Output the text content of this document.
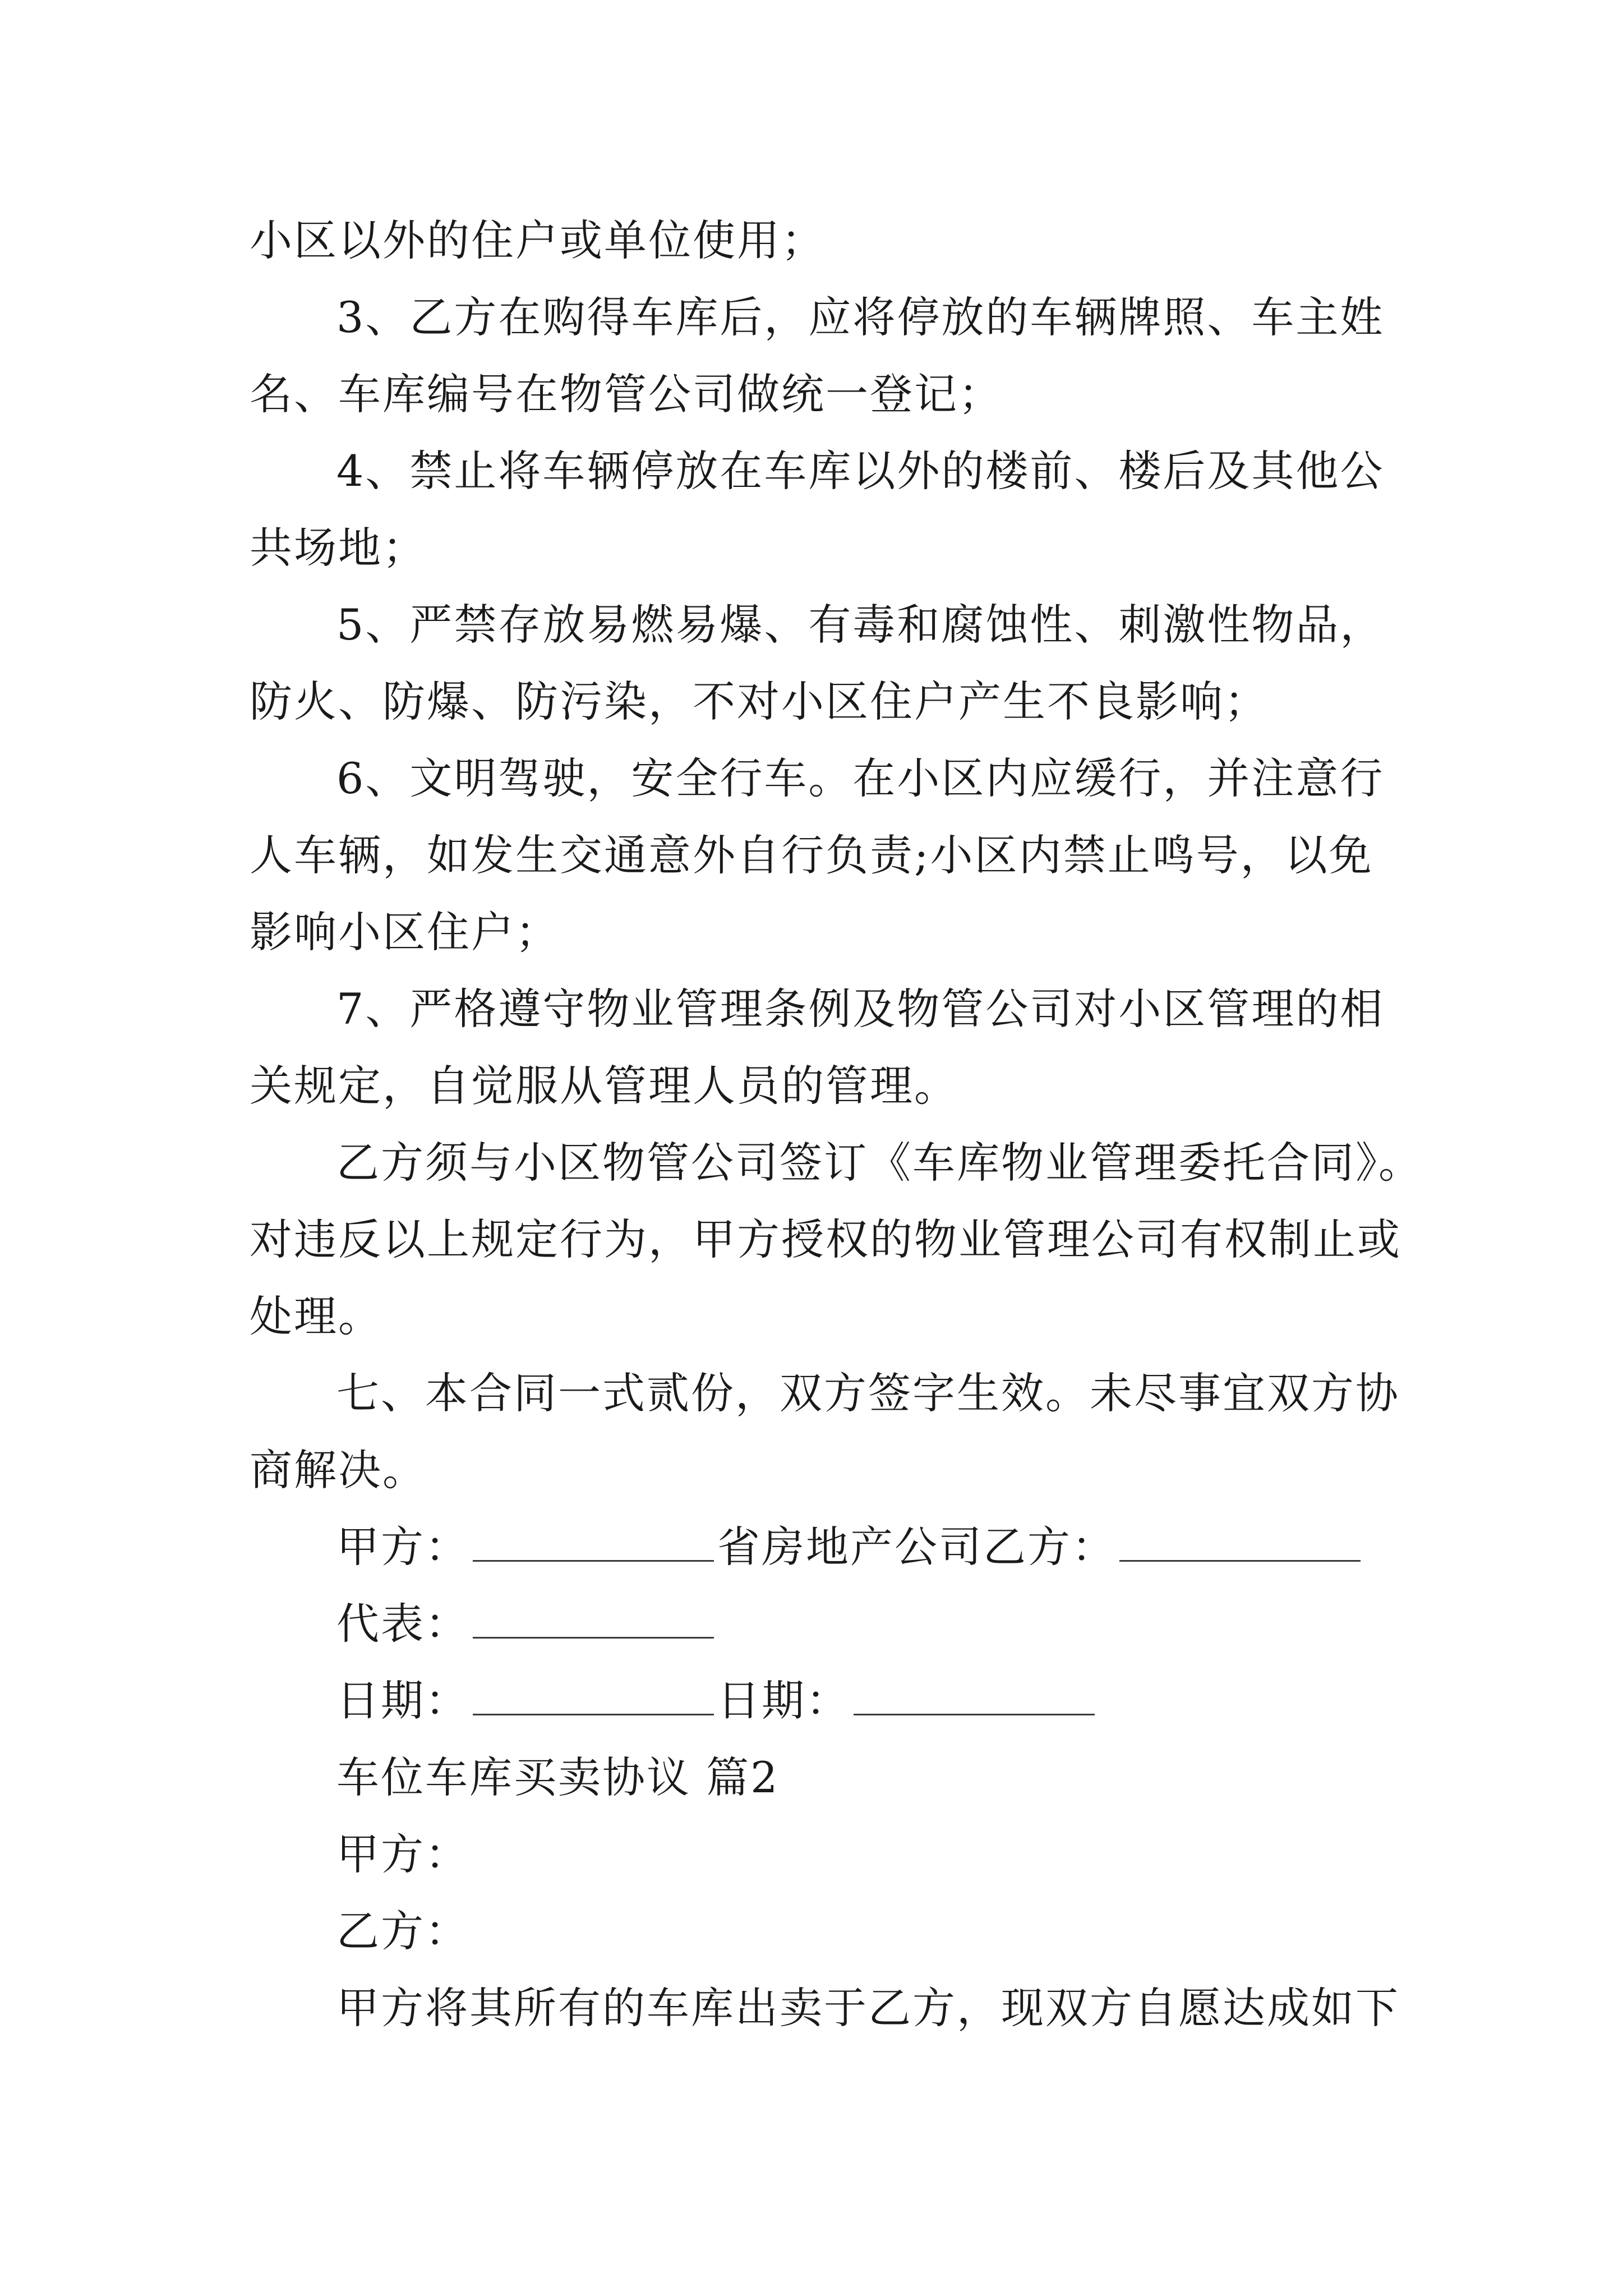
小区以外的住户或单位使用；
3、乙方在购得车库后，应将停放的车辆牌照、车主姓
名、车库编号在物管公司做统一登记；
4、禁止将车辆停放在车库以外的楼前、楼后及其他公
共场地；
5、严禁存放易燃易爆、有毒和腐蚀性、刺激性物品，
防火、防爆、防污染，不对小区住户产生不良影响；
6、文明驾驶，安全行车。在小区内应缓行，并注意行
人车辆，如发生交通意外自行负责;小区内禁止鸣号，以免
影响小区住户；
7、严格遵守物业管理条例及物管公司对小区管理的相
关规定，自觉服从管理人员的管理。
乙方须与小区物管公司签订《车库物业管理委托合同》。
对违反以上规定行为，甲方授权的物业管理公司有权制止或
处理。
七、本合同一式贰份，双方签字生效。未尽事宜双方协
商解决。
甲方：	省房地产公司乙方：
代表：
日期：	日期：
车位车库买卖协议 篇2
甲方：
乙方：
甲方将其所有的车库出卖于乙方，现双方自愿达成如下
